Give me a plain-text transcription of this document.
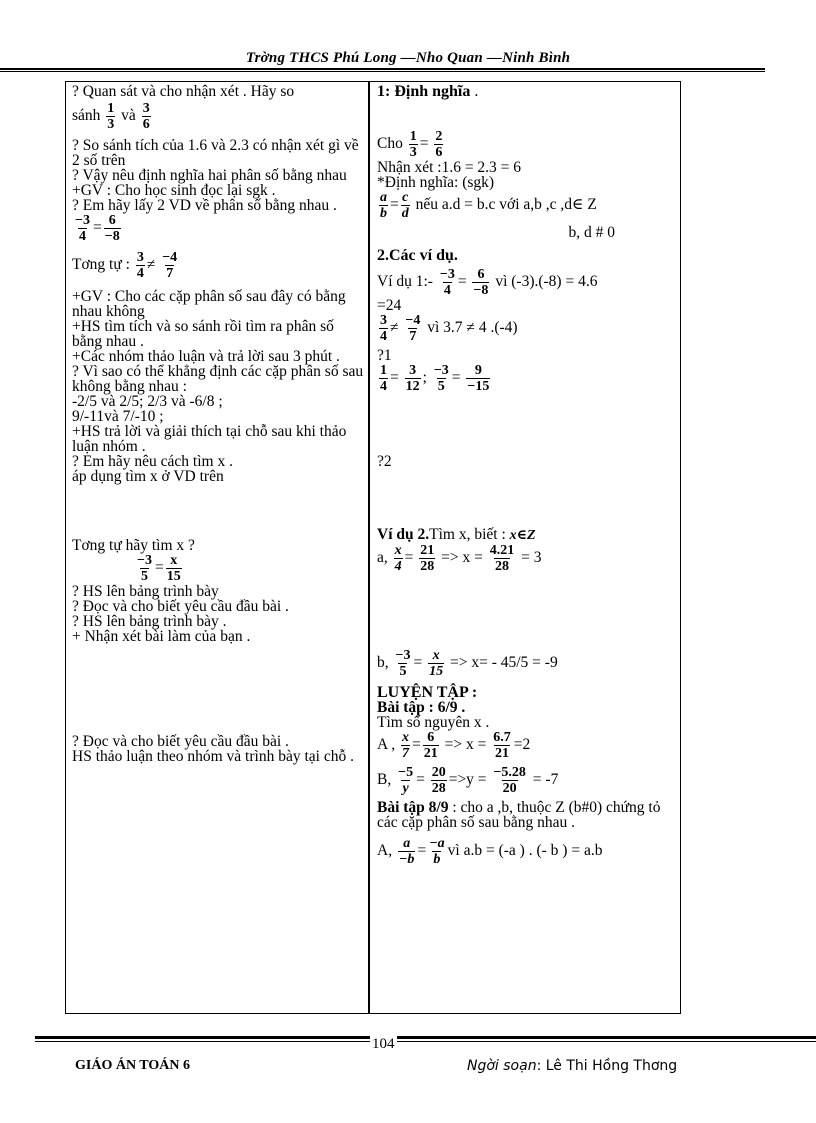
Trờng THCS Phú Long —Nho Quan —Ninh Bình

? Quan sát và cho nhận xét . Hãy so

sánh $\frac{1}{3}$ và $\frac{3}{6}$

? So sánh tích của 1.6 và 2.3 có nhận xét gì về 2 số trên

? Vậy nêu định nghĩa hai phân số bằng nhau

+GV : Cho học sinh đọc lại sgk .

? Em hãy lấy 2 VD về phân số bằng nhau .

$\frac{-3}{4} = \frac{6}{-8}$

Tơng tự : $\frac{3}{4} \ne \frac{-4}{7}$

+GV : Cho các cặp phân số sau đây có bằng nhau không

+HS tìm tích và so sánh rồi tìm ra phân số bằng nhau .

+Các nhóm thảo luận và trả lời sau 3 phút .

? Vì sao có thể khẳng định các cặp phân số sau không bằng nhau :

-2/5 và 2/5; 2/3 và -6/8 ;

9/-11và 7/-10 ;

+HS trả lời và giải thích tại chỗ sau khi thảo luận nhóm .

? Em hãy nêu cách tìm x .

áp dụng tìm x ở VD trên

Tơng tự hãy tìm x ?

$\frac{-3}{5} = \frac{x}{15}$

? HS lên bảng trình bày

? Đọc và cho biết yêu cầu đầu bài .

? HS lên bảng trình bày .

+ Nhận xét bài làm của bạn .

? Đọc và cho biết yêu cầu đầu bài .

HS thảo luận theo nhóm và trình bày tại chỗ .

1: Định nghĩa .

Cho $\frac{1}{3} = \frac{2}{6}$

Nhận xét :1.6 = 2.3 = 6

*Định nghĩa: (sgk)

$\frac{a}{b} = \frac{c}{d}$ nếu a.d = b.c với a,b ,c ,d∈ Z

b, d # 0

2.Các ví dụ.

Ví dụ 1:- $\frac{-3}{4} = \frac{6}{-8}$ vì (-3).(-8) = 4.6

=24

$\frac{3}{4} \ne \frac{-4}{7}$ vì 3.7 ≠ 4 .(-4)

?1

$\frac{1}{4} = \frac{3}{12}$ ; $\frac{-3}{5} = \frac{9}{-15}$

?2

Ví dụ 2.Tìm x, biết : x∈Z

a, $\frac{x}{4} = \frac{21}{28} => x = \frac{4.21}{28} = 3$

b, $\frac{-3}{5} = \frac{x}{15} => x= - 45/5 = -9$

LUYỆN TẬP :

Bài tập : 6/9 .

Tìm số nguyên x .

A , $\frac{x}{7} = \frac{6}{21} => x = \frac{6.7}{21} =2$

B, $\frac{-5}{y} = \frac{20}{28} =>y = \frac{-5.28}{20} = -7$

Bài tập 8/9 : cho a ,b, thuộc Z (b#0) chứng tỏ các cặp phân số sau bằng nhau .

A, $\frac{a}{-b} = \frac{-a}{b}$ vì a.b = (-a ) . (- b ) = a.b

104
GIÁO ÁN TOÁN 6	Ngời soạn: Lê Thi Hồng Thơng
